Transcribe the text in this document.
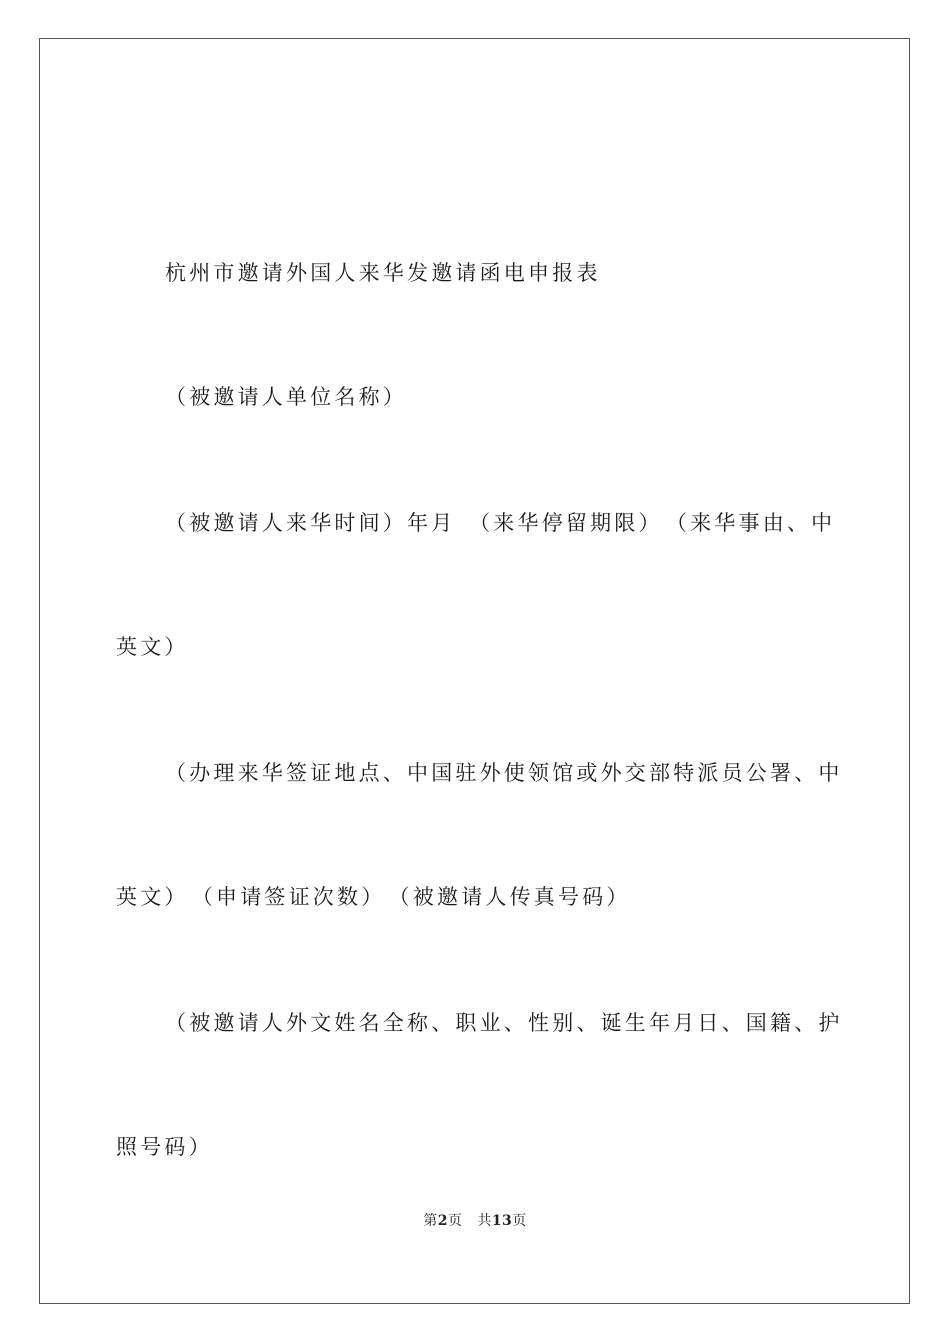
杭州市邀请外国人来华发邀请函电申报表
（被邀请人单位名称）
（被邀请人来华时间）年月　（来华停留期限）　（来华事由、中
英文）
（办理来华签证地点、中国驻外使领馆或外交部特派员公署、中
英文）　（申请签证次数）　（被邀请人传真号码）
（被邀请人外文姓名全称、职业、性别、诞生年月日、国籍、护
照号码）
第2页 共13页
